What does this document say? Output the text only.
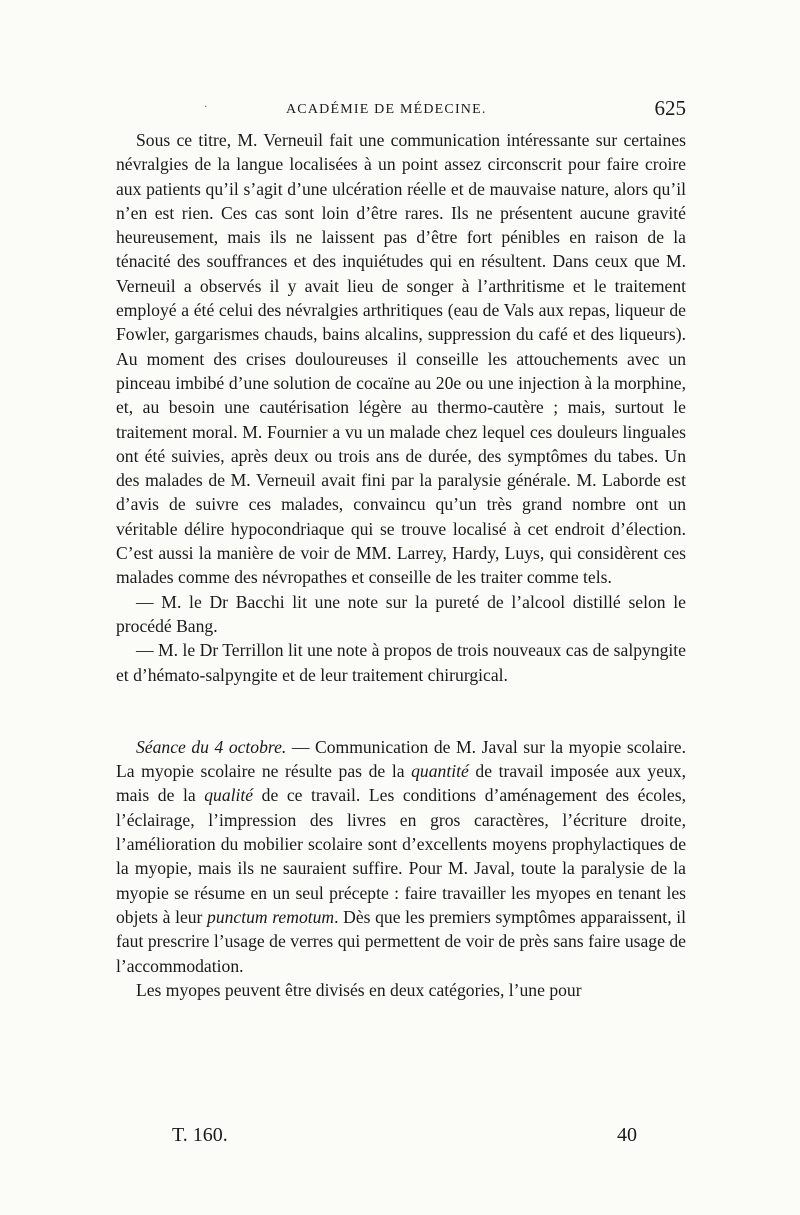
·	ACADÉMIE DE MÉDECINE.	625

Sous ce titre, M. Verneuil fait une communication intéressante sur certaines névralgies de la langue localisées à un point assez circonscrit pour faire croire aux patients qu’il s’agit d’une ulcération réelle et de mauvaise nature, alors qu’il n’en est rien. Ces cas sont loin d’être rares. Ils ne présentent aucune gravité heureusement, mais ils ne laissent pas d’être fort pénibles en raison de la ténacité des souffrances et des inquiétudes qui en résultent. Dans ceux que M. Verneuil a observés il y avait lieu de songer à l’arthritisme et le traitement employé a été celui des névralgies arthritiques (eau de Vals aux repas, liqueur de Fowler, gargarismes chauds, bains alcalins, suppression du café et des liqueurs). Au moment des crises douloureuses il conseille les attouchements avec un pinceau imbibé d’une solution de cocaïne au 20e ou une injection à la morphine, et, au besoin une cautérisation légère au thermo-cautère ; mais, surtout le traitement moral. M. Fournier a vu un malade chez lequel ces douleurs linguales ont été suivies, après deux ou trois ans de durée, des symptômes du tabes. Un des malades de M. Verneuil avait fini par la paralysie générale. M. Laborde est d’avis de suivre ces malades, convaincu qu’un très grand nombre ont un véritable délire hypocondriaque qui se trouve localisé à cet endroit d’élection. C’est aussi la manière de voir de MM. Larrey, Hardy, Luys, qui considèrent ces malades comme des névropathes et conseille de les traiter comme tels.

— M. le Dr Bacchi lit une note sur la pureté de l’alcool distillé selon le procédé Bang.

— M. le Dr Terrillon lit une note à propos de trois nouveaux cas de salpyngite et d’hémato-salpyngite et de leur traitement chirurgical.

Séance du 4 octobre. — Communication de M. Javal sur la myopie scolaire. La myopie scolaire ne résulte pas de la quantité de travail imposée aux yeux, mais de la qualité de ce travail. Les conditions d’aménagement des écoles, l’éclairage, l’impression des livres en gros caractères, l’écriture droite, l’amélioration du mobilier scolaire sont d’excellents moyens prophylactiques de la myopie, mais ils ne sauraient suffire. Pour M. Javal, toute la paralysie de la myopie se résume en un seul précepte : faire travailler les myopes en tenant les objets à leur punctum remotum. Dès que les premiers symptômes apparaissent, il faut prescrire l’usage de verres qui permettent de voir de près sans faire usage de l’accommodation.

Les myopes peuvent être divisés en deux catégories, l’une pour

T. 160.	40
